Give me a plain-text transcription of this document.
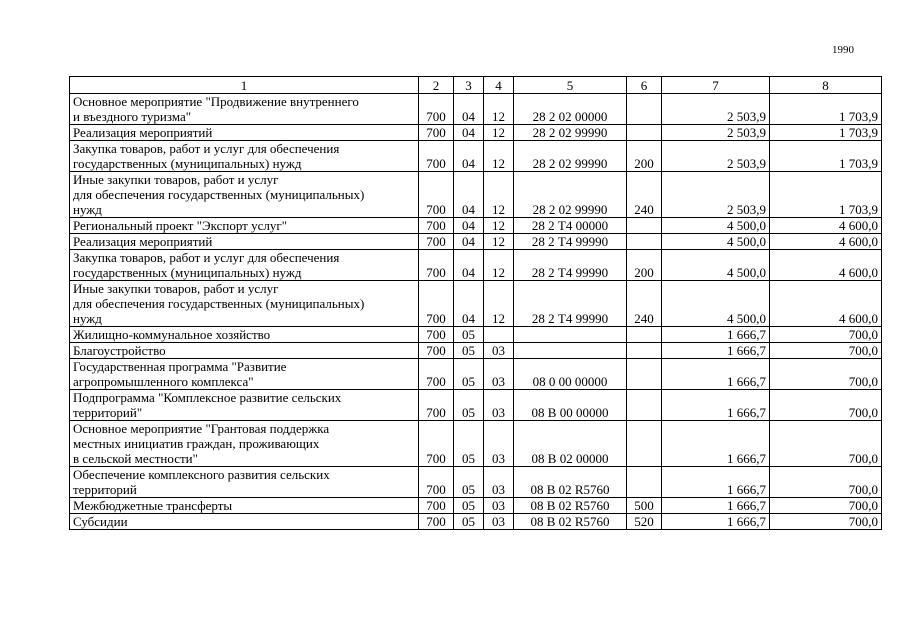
1990
1	2	3	4	5	6	7	8
Основное мероприятие "Продвижение внутреннего
и въездного туризма"	700	04	12	28 2 02 00000		2 503,9	1 703,9
Реализация мероприятий	700	04	12	28 2 02 99990		2 503,9	1 703,9
Закупка товаров, работ и услуг для обеспечения
государственных (муниципальных) нужд	700	04	12	28 2 02 99990	200	2 503,9	1 703,9
Иные закупки товаров, работ и услуг
для обеспечения государственных (муниципальных)
нужд	700	04	12	28 2 02 99990	240	2 503,9	1 703,9
Региональный проект "Экспорт услуг"	700	04	12	28 2 Т4 00000		4 500,0	4 600,0
Реализация мероприятий	700	04	12	28 2 Т4 99990		4 500,0	4 600,0
Закупка товаров, работ и услуг для обеспечения
государственных (муниципальных) нужд	700	04	12	28 2 Т4 99990	200	4 500,0	4 600,0
Иные закупки товаров, работ и услуг
для обеспечения государственных (муниципальных)
нужд	700	04	12	28 2 Т4 99990	240	4 500,0	4 600,0
Жилищно-коммунальное хозяйство	700	05				1 666,7	700,0
Благоустройство	700	05	03			1 666,7	700,0
Государственная программа "Развитие
агропромышленного комплекса"	700	05	03	08 0 00 00000		1 666,7	700,0
Подпрограмма "Комплексное развитие сельских
территорий"	700	05	03	08 В 00 00000		1 666,7	700,0
Основное мероприятие "Грантовая поддержка
местных инициатив граждан, проживающих
в сельской местности"	700	05	03	08 В 02 00000		1 666,7	700,0
Обеспечение комплексного развития сельских
территорий	700	05	03	08 В 02 R5760		1 666,7	700,0
Межбюджетные трансферты	700	05	03	08 В 02 R5760	500	1 666,7	700,0
Субсидии	700	05	03	08 В 02 R5760	520	1 666,7	700,0
